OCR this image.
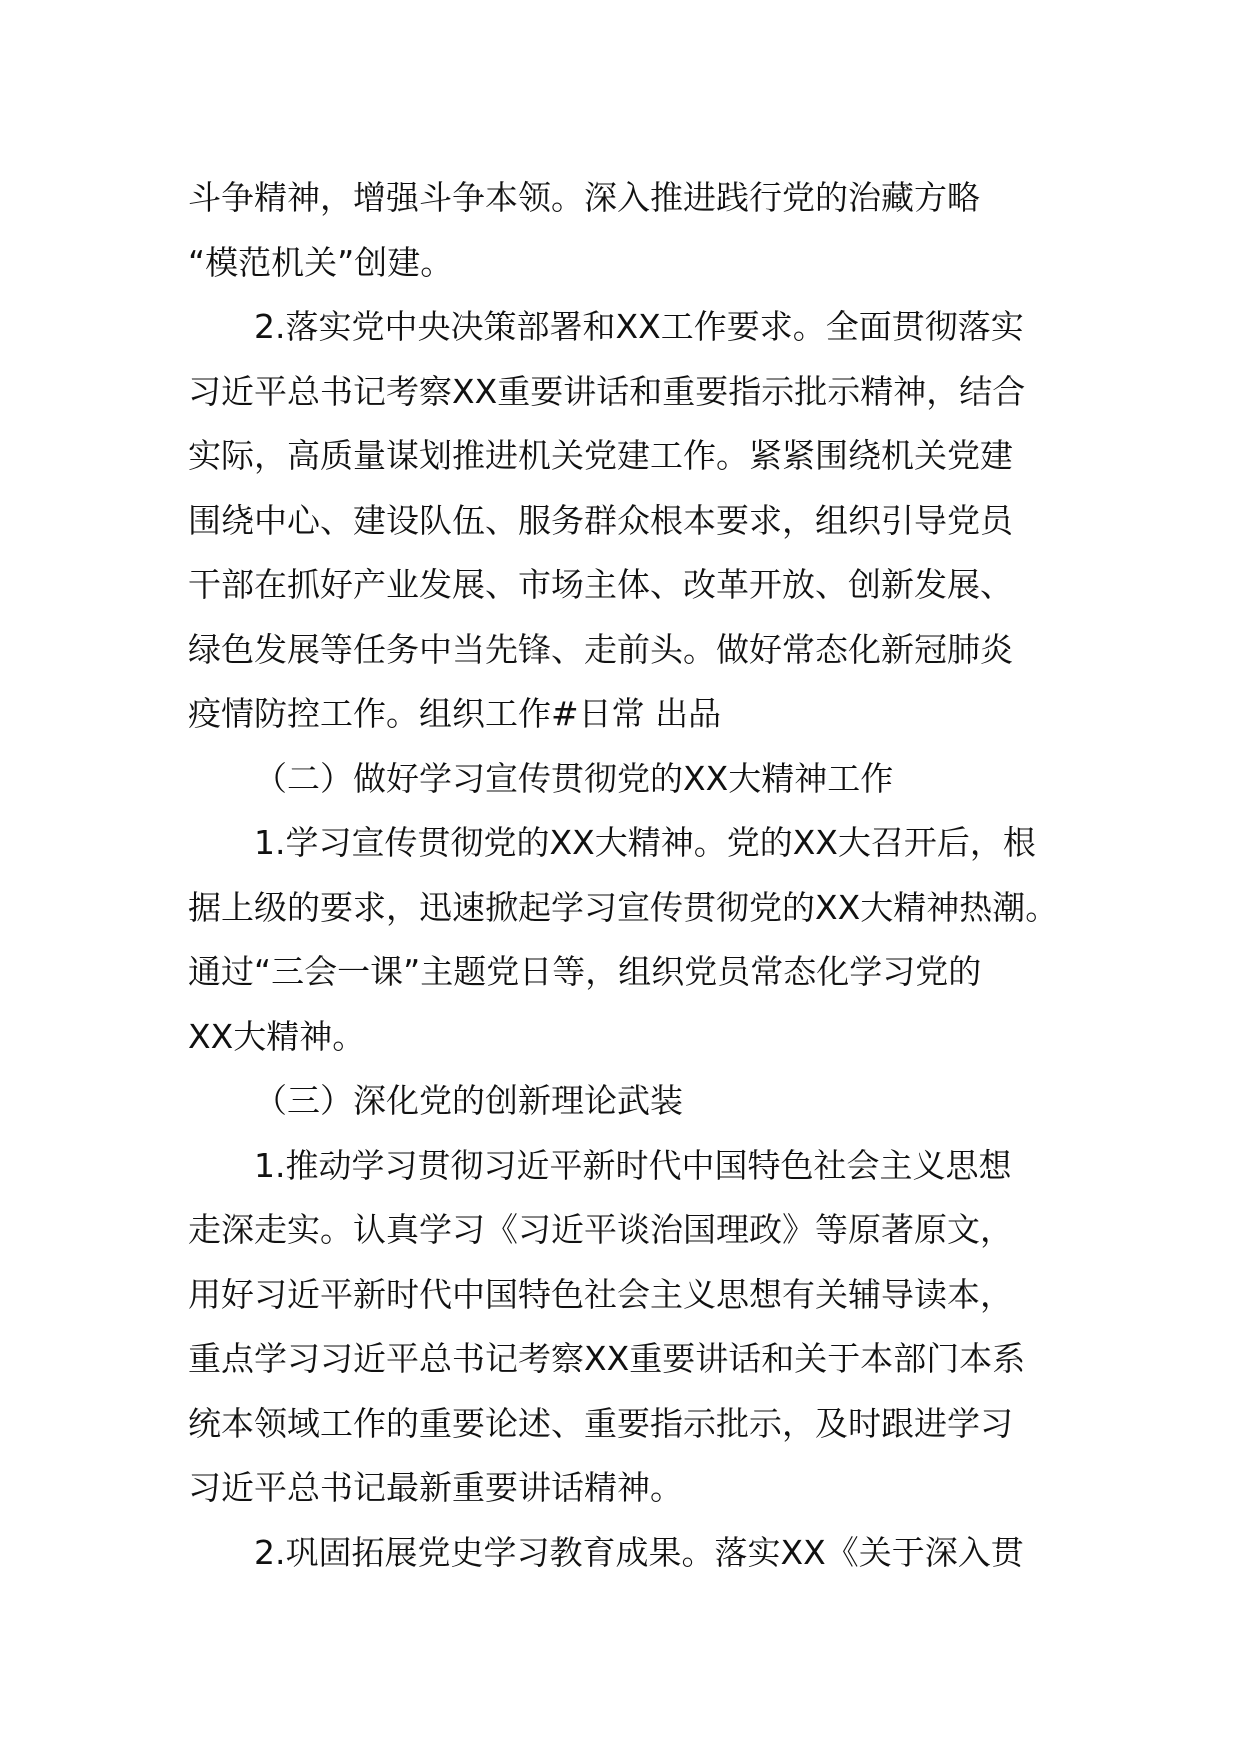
斗争精神，增强斗争本领。深入推进践行党的治藏方略
“模范机关”创建。

2.落实党中央决策部署和XX工作要求。全面贯彻落实
习近平总书记考察XX重要讲话和重要指示批示精神，结合
实际，高质量谋划推进机关党建工作。紧紧围绕机关党建
围绕中心、建设队伍、服务群众根本要求，组织引导党员
干部在抓好产业发展、市场主体、改革开放、创新发展、
绿色发展等任务中当先锋、走前头。做好常态化新冠肺炎
疫情防控工作。组织工作#日常 出品

（二）做好学习宣传贯彻党的XX大精神工作

1.学习宣传贯彻党的XX大精神。党的XX大召开后，根
据上级的要求，迅速掀起学习宣传贯彻党的XX大精神热潮。
通过“三会一课”主题党日等，组织党员常态化学习党的
XX大精神。

（三）深化党的创新理论武装

1.推动学习贯彻习近平新时代中国特色社会主义思想
走深走实。认真学习《习近平谈治国理政》等原著原文，
用好习近平新时代中国特色社会主义思想有关辅导读本，
重点学习习近平总书记考察XX重要讲话和关于本部门本系
统本领域工作的重要论述、重要指示批示，及时跟进学习
习近平总书记最新重要讲话精神。

2.巩固拓展党史学习教育成果。落实XX《关于深入贯
